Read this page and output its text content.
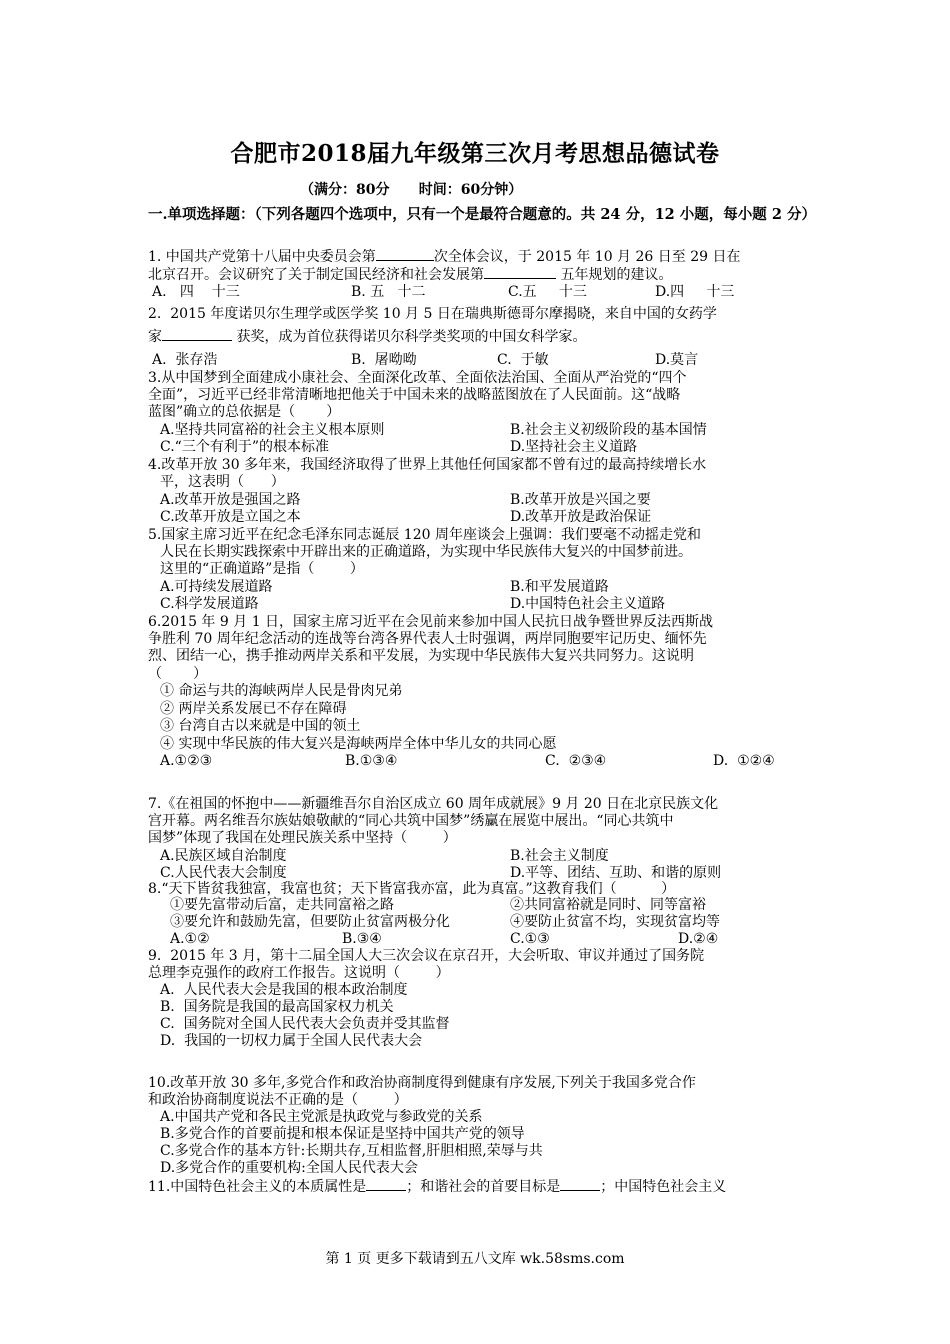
合肥市2018届九年级第三次月考思想品德试卷
（满分：80分      时间：60分钟）
一.单项选择题：（下列各题四个选项中，只有一个是最符合题意的。共 24 分，12 小题，每小题 2 分）
1. 中国共产党第十八届中央委员会第	次全体会议，于 2015 年 10 月 26 日至 29 日在
北京召开。会议研究了关于制定国民经济和社会发展第	五年规划的建议。
A.   四    十三	B. 五   十二	C.五     十三	D.四     十三
2.  2015 年度诺贝尔生理学或医学奖 10 月 5 日在瑞典斯德哥尔摩揭晓，来自中国的女药学
家	获奖，成为首位获得诺贝尔科学类奖项的中国女科学家。
A.  张存浩	B.  屠呦呦	C.  于敏	D.莫言
3.从中国梦到全面建成小康社会、全面深化改革、全面依法治国、全面从严治党的“四个
全面”，习近平已经非常清晰地把他关于中国未来的战略蓝图放在了人民面前。这“战略
蓝图”确立的总依据是（       ）
A.坚持共同富裕的社会主义根本原则	B.社会主义初级阶段的基本国情
C.“三个有利于”的根本标准	D.坚持社会主义道路
4.改革开放 30 多年来，我国经济取得了世界上其他任何国家都不曾有过的最高持续增长水
平，这表明（      ）
A.改革开放是强国之路	B.改革开放是兴国之要
C.改革开放是立国之本	D.改革开放是政治保证
5.国家主席习近平在纪念毛泽东同志诞辰 120 周年座谈会上强调：我们要毫不动摇走党和
人民在长期实践探索中开辟出来的正确道路，为实现中华民族伟大复兴的中国梦前进。
这里的“正确道路”是指（        ）
A.可持续发展道路	B.和平发展道路
C.科学发展道路	D.中国特色社会主义道路
6.2015 年 9 月 1 日，国家主席习近平在会见前来参加中国人民抗日战争暨世界反法西斯战
争胜利 70 周年纪念活动的连战等台湾各界代表人士时强调，两岸同胞要牢记历史、缅怀先
烈、团结一心，携手推动两岸关系和平发展，为实现中华民族伟大复兴共同努力。这说明
（       ）
① 命运与共的海峡两岸人民是骨肉兄弟
② 两岸关系发展已不存在障碍
③ 台湾自古以来就是中国的领土
④ 实现中华民族的伟大复兴是海峡两岸全体中华儿女的共同心愿
A.①②③	B.①③④	C.  ②③④	D.  ①②④
7.《在祖国的怀抱中——新疆维吾尔自治区成立 60 周年成就展》9 月 20 日在北京民族文化
宫开幕。两名维吾尔族姑娘敬献的“同心共筑中国梦”绣臝在展览中展出。“同心共筑中
国梦”体现了我国在处理民族关系中坚持（        ）
A.民族区域自治制度	B.社会主义制度
C.人民代表大会制度	D.平等、团结、互助、和谐的原则
8.“天下皆贫我独富，我富也贫；天下皆富我亦富，此为真富。”这教育我们（          ）
①要先富带动后富，走共同富裕之路	②共同富裕就是同时、同等富裕
③要允许和鼓励先富，但要防止贫富两极分化	④要防止贫富不均，实现贫富均等
A.①②	B.③④	C.①③	D.②④
9.  2015 年 3 月，第十二届全国人大三次会议在京召开，大会听取、审议并通过了国务院
总理李克强作的政府工作报告。这说明（        ）
A.  人民代表大会是我国的根本政治制度
B.  国务院是我国的最高国家权力机关
C.  国务院对全国人民代表大会负责并受其监督
D.  我国的一切权力属于全国人民代表大会
10.改革开放 30 多年,多党合作和政治协商制度得到健康有序发展,下列关于我国多党合作
和政治协商制度说法不正确的是（        ）
A.中国共产党和各民主党派是执政党与参政党的关系
B.多党合作的首要前提和根本保证是坚持中国共产党的领导
C.多党合作的基本方针:长期共存,互相监督,肝胆相照,荣辱与共
D.多党合作的重要机构:全国人民代表大会
11.中国特色社会主义的本质属性是	；和谐社会的首要目标是	；中国特色社会主义
第 1 页 更多下载请到五八文库 wk.58sms.com
